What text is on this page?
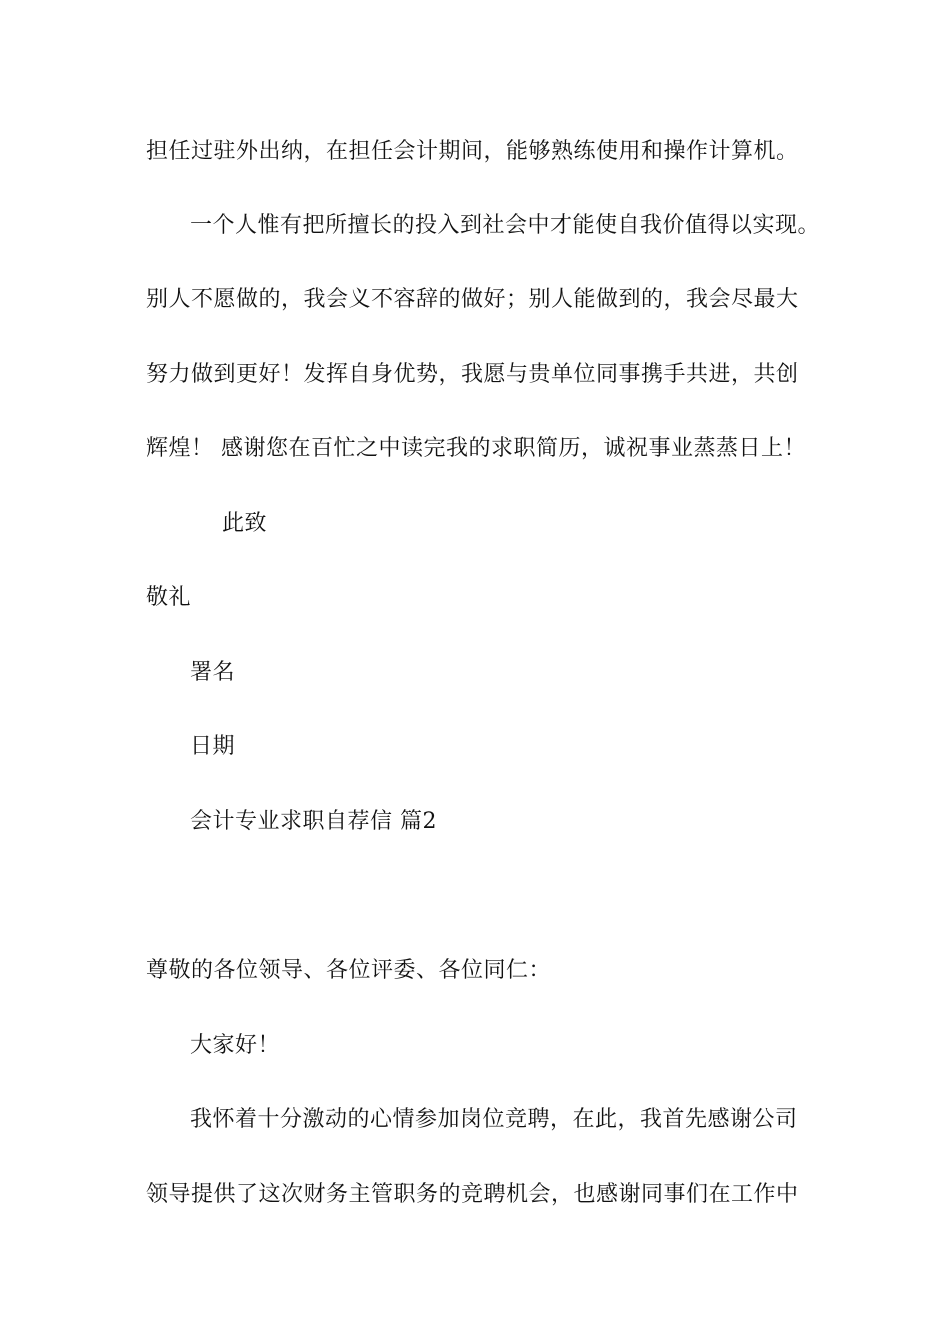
担任过驻外出纳，在担任会计期间，能够熟练使用和操作计算机。
一个人惟有把所擅长的投入到社会中才能使自我价值得以实现。
别人不愿做的，我会义不容辞的做好；别人能做到的，我会尽最大
努力做到更好！发挥自身优势，我愿与贵单位同事携手共进，共创
辉煌！ 感谢您在百忙之中读完我的求职简历，诚祝事业蒸蒸日上！
此致
敬礼
署名
日期
会计专业求职自荐信 篇2
尊敬的各位领导、各位评委、各位同仁：
大家好！
我怀着十分激动的心情参加岗位竞聘，在此，我首先感谢公司
领导提供了这次财务主管职务的竞聘机会，也感谢同事们在工作中
